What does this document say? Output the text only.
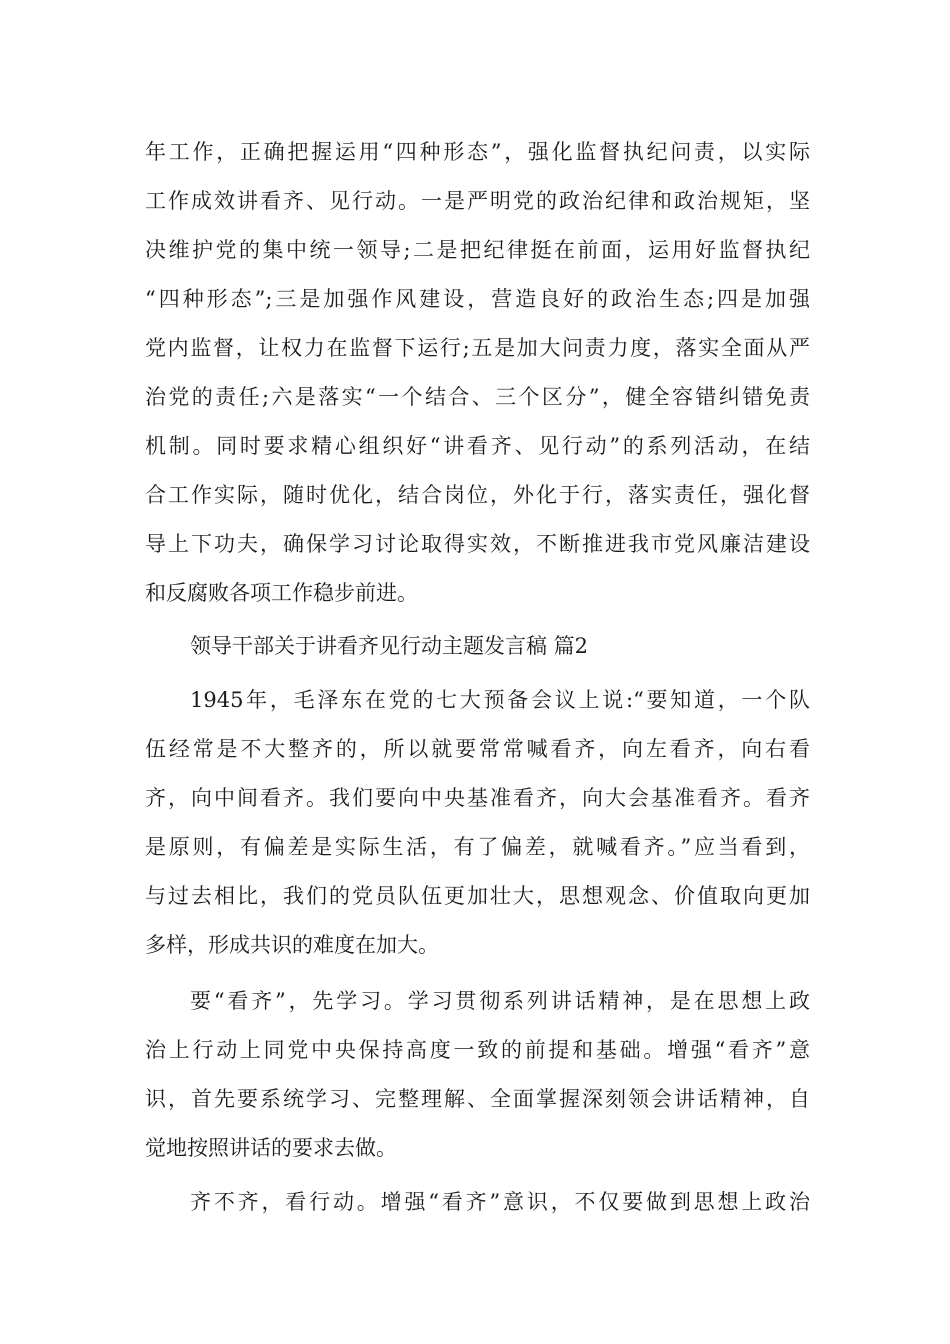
年工作，正确把握运用“四种形态”，强化监督执纪问责，以实际
工作成效讲看齐、见行动。一是严明党的政治纪律和政治规矩，坚
决维护党的集中统一领导;二是把纪律挺在前面，运用好监督执纪
“四种形态”;三是加强作风建设，营造良好的政治生态;四是加强
党内监督，让权力在监督下运行;五是加大问责力度，落实全面从严
治党的责任;六是落实“一个结合、三个区分”，健全容错纠错免责
机制。同时要求精心组织好“讲看齐、见行动”的系列活动，在结
合工作实际，随时优化，结合岗位，外化于行，落实责任，强化督
导上下功夫，确保学习讨论取得实效，不断推进我市党风廉洁建设
和反腐败各项工作稳步前进。
领导干部关于讲看齐见行动主题发言稿 篇2
1945年，毛泽东在党的七大预备会议上说:“要知道，一个队
伍经常是不大整齐的，所以就要常常喊看齐，向左看齐，向右看
齐，向中间看齐。我们要向中央基准看齐，向大会基准看齐。看齐
是原则，有偏差是实际生活，有了偏差，就喊看齐。”应当看到，
与过去相比，我们的党员队伍更加壮大，思想观念、价值取向更加
多样，形成共识的难度在加大。
要“看齐”，先学习。学习贯彻系列讲话精神，是在思想上政
治上行动上同党中央保持高度一致的前提和基础。增强“看齐”意
识，首先要系统学习、完整理解、全面掌握深刻领会讲话精神，自
觉地按照讲话的要求去做。
齐不齐，看行动。增强“看齐”意识，不仅要做到思想上政治
